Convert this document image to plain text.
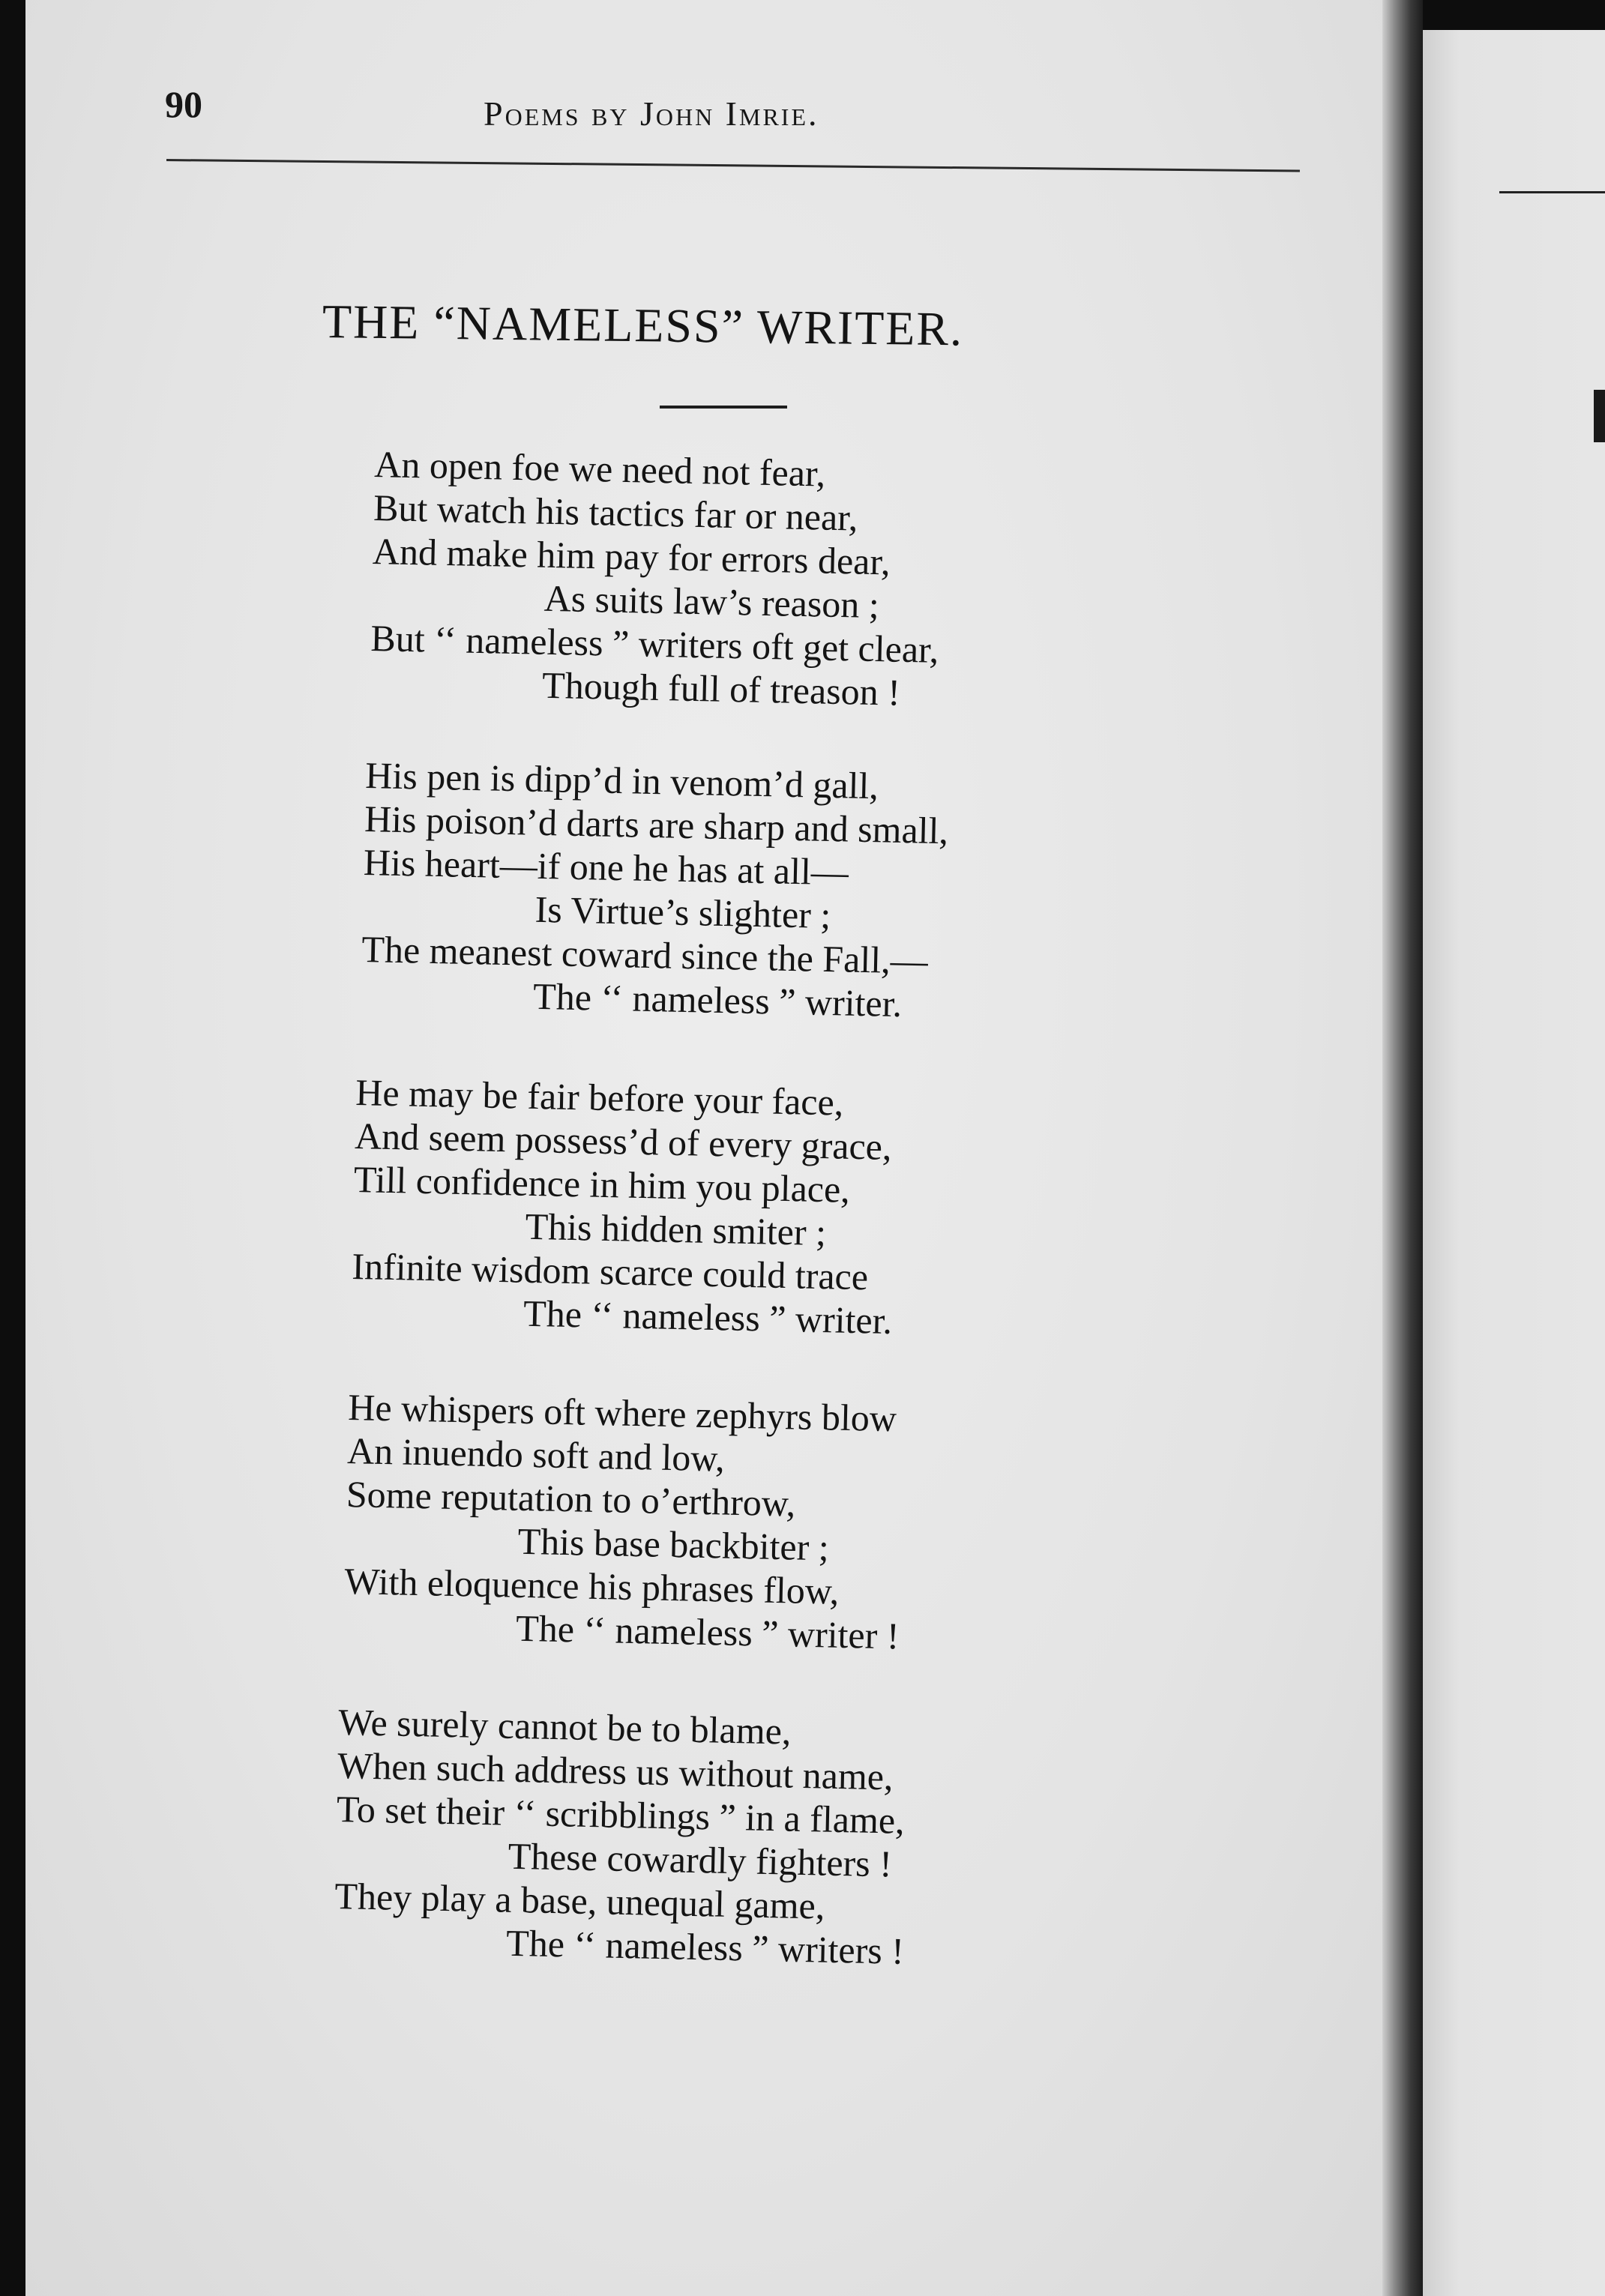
90	Poems by John Imrie.
THE “NAMELESS” WRITER.
An open foe we need not fear,
But watch his tactics far or near,
And make him pay for errors dear,
As suits law’s reason ;
But ‘‘ nameless ” writers oft get clear,
Though full of treason !
His pen is dipp’d in venom’d gall,
His poison’d darts are sharp and small,
His heart—if one he has at all—
Is Virtue’s slighter ;
The meanest coward since the Fall,—
The ‘‘ nameless ” writer.
He may be fair before your face,
And seem possess’d of every grace,
Till confidence in him you place,
This hidden smiter ;
Infinite wisdom scarce could trace
The ‘‘ nameless ” writer.
He whispers oft where zephyrs blow
An inuendo soft and low,
Some reputation to o’erthrow,
This base backbiter ;
With eloquence his phrases flow,
The ‘‘ nameless ” writer !
We surely cannot be to blame,
When such address us without name,
To set their ‘‘ scribblings ” in a flame,
These cowardly fighters !
They play a base, unequal game,
The ‘‘ nameless ” writers !
